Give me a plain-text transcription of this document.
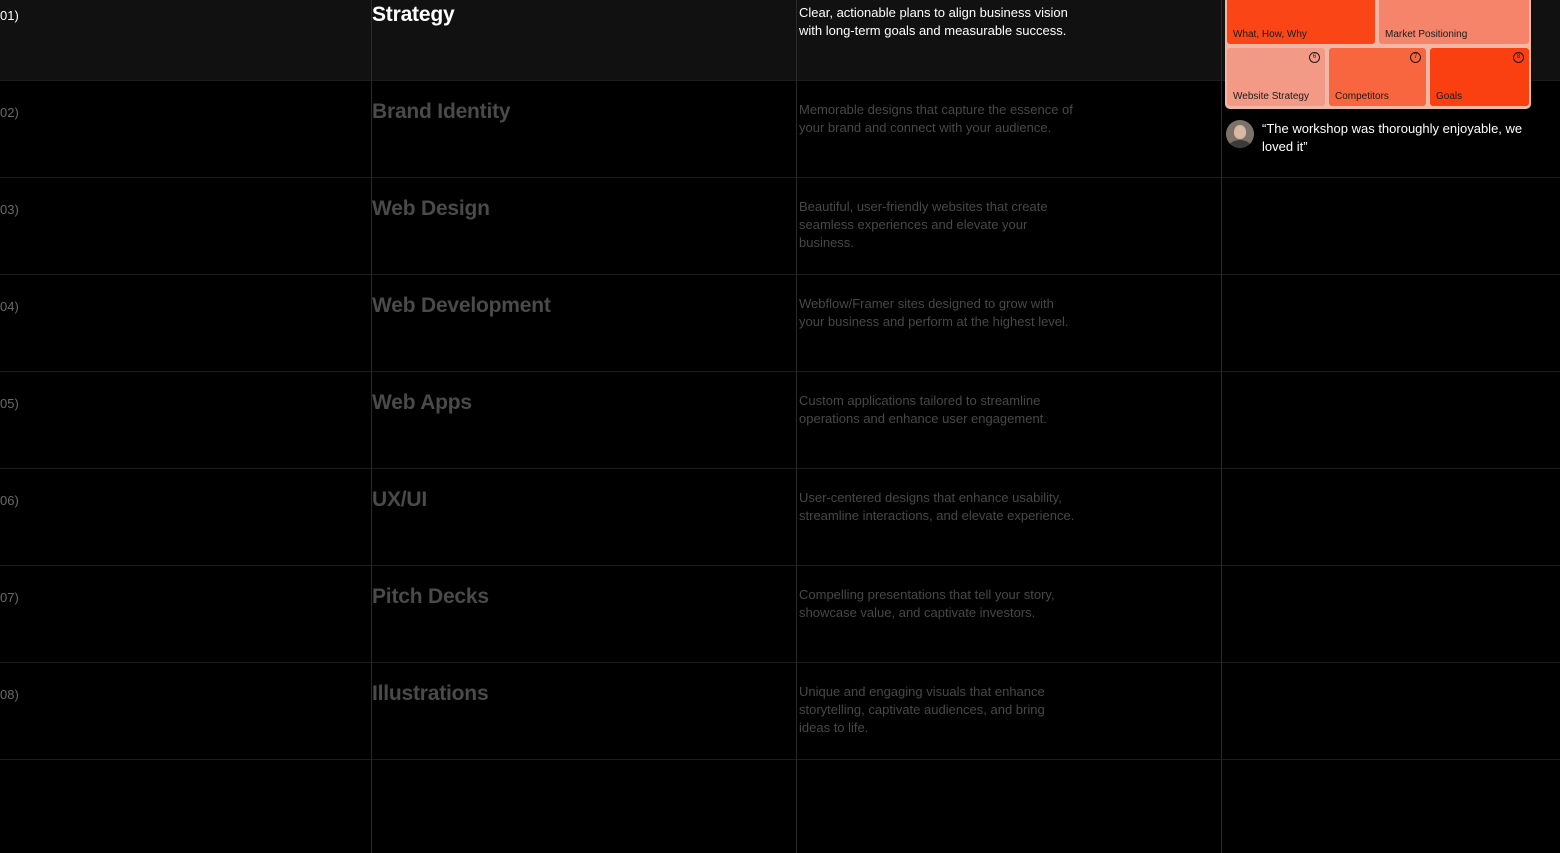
01)	Strategy	Clear, actionable plans to align business vision with long-term goals and measurable success.
02)	Brand Identity	Memorable designs that capture the essence of your brand and connect with your audience.
03)	Web Design	Beautiful, user-friendly websites that create seamless experiences and elevate your business.
04)	Web Development	Webflow/Framer sites designed to grow with your business and perform at the highest level.
05)	Web Apps	Custom applications tailored to streamline operations and enhance user engagement.
06)	UX/UI	User-centered designs that enhance usability, streamline interactions, and elevate experience.
07)	Pitch Decks	Compelling presentations that tell your story, showcase value, and captivate investors.
08)	Illustrations	Unique and engaging visuals that enhance storytelling, captivate audiences, and bring ideas to life.
What, How, Why	Market Positioning
6
Website Strategy
7
Competitors
8
Goals
“The workshop was thoroughly enjoyable, we loved it”
